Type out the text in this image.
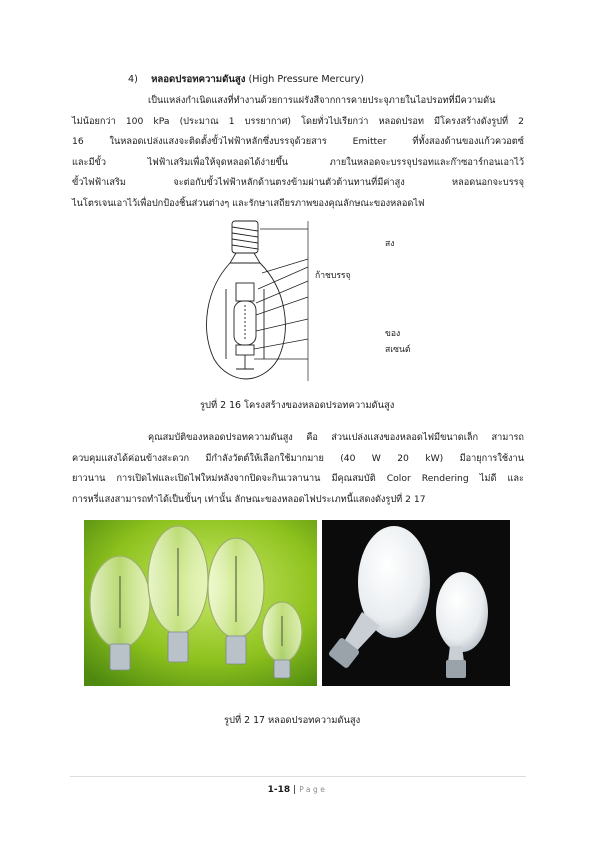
4) หลอดปรอทความดันสูง (High Pressure Mercury)
เป็นแหล่งกำเนิดแสงที่ทำงานด้วยการแผ่รังสีจากการคายประจุภายในไอปรอทที่มีความดัน
ไม่น้อยกว่า 100 kPa (ประมาณ 1 บรรยากาศ) โดยทั่วไปเรียกว่า หลอดปรอท มีโครงสร้างดังรูปที่ 2
16 ในหลอดเปล่งแสงจะติดตั้งขั้วไฟฟ้าหลักซึ่งบรรจุด้วยสาร Emitter ที่ทั้งสองด้านของแก้วควอตซ์
และมีขั้ว ไฟฟ้าเสริมเพื่อให้จุดหลอดได้ง่ายขึ้น ภายในหลอดจะบรรจุปรอทและก๊าซอาร์กอนเอาไว้
ขั้วไฟฟ้าเสริม จะต่อกับขั้วไฟฟ้าหลักด้านตรงข้ามผ่านตัวต้านทานที่มีค่าสูง หลอดนอกจะบรรจุ
ไนโตรเจนเอาไว้เพื่อปกป้องชิ้นส่วนต่างๆ และรักษาเสถียรภาพของคุณลักษณะของหลอดไฟ
สง
ก้าชบรรจุ
ของ
สเซนต์
รูปที่ 2 16 โครงสร้างของหลอดปรอทความดันสูง
คุณสมบัติของหลอดปรอทความดันสูง คือ ส่วนเปล่งแสงของหลอดไฟมีขนาดเล็ก สามารถ
ควบคุมแสงได้ค่อนข้างสะดวก มีกำลังวัตต์ให้เลือกใช้มากมาย (40 W 20 kW) มีอายุการใช้งาน
ยาวนาน การเปิดไฟและเปิดไฟใหม่หลังจากปิดจะกินเวลานาน มีคุณสมบัติ Color Rendering ไม่ดี และ
การหรี่แสงสามารถทำได้เป็นขั้นๆ เท่านั้น ลักษณะของหลอดไฟประเภทนี้แสดงดังรูปที่ 2 17
รูปที่ 2 17 หลอดปรอทความดันสูง
1-18 | Page
